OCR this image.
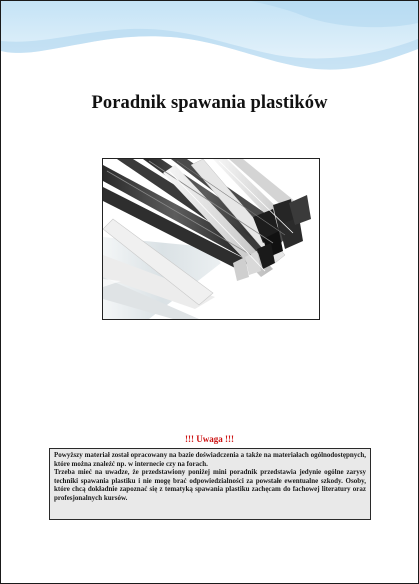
Poradnik spawania plastików
!!! Uwaga !!!

Powyższy materiał został opracowany na bazie doświadczenia a także na materiałach ogólnodostępnych, które można znaleźć np. w internecie czy na forach.

Trzeba mieć na uwadze, że przedstawiony poniżej mini poradnik przedstawia jedynie ogólne zarysy techniki spawania plastiku i nie mogę brać odpowiedzialności za powstałe ewentualne szkody. Osoby, które chcą dokładnie zapoznać się z tematyką spawania plastiku zachęcam do fachowej literatury oraz profesjonalnych kursów.
